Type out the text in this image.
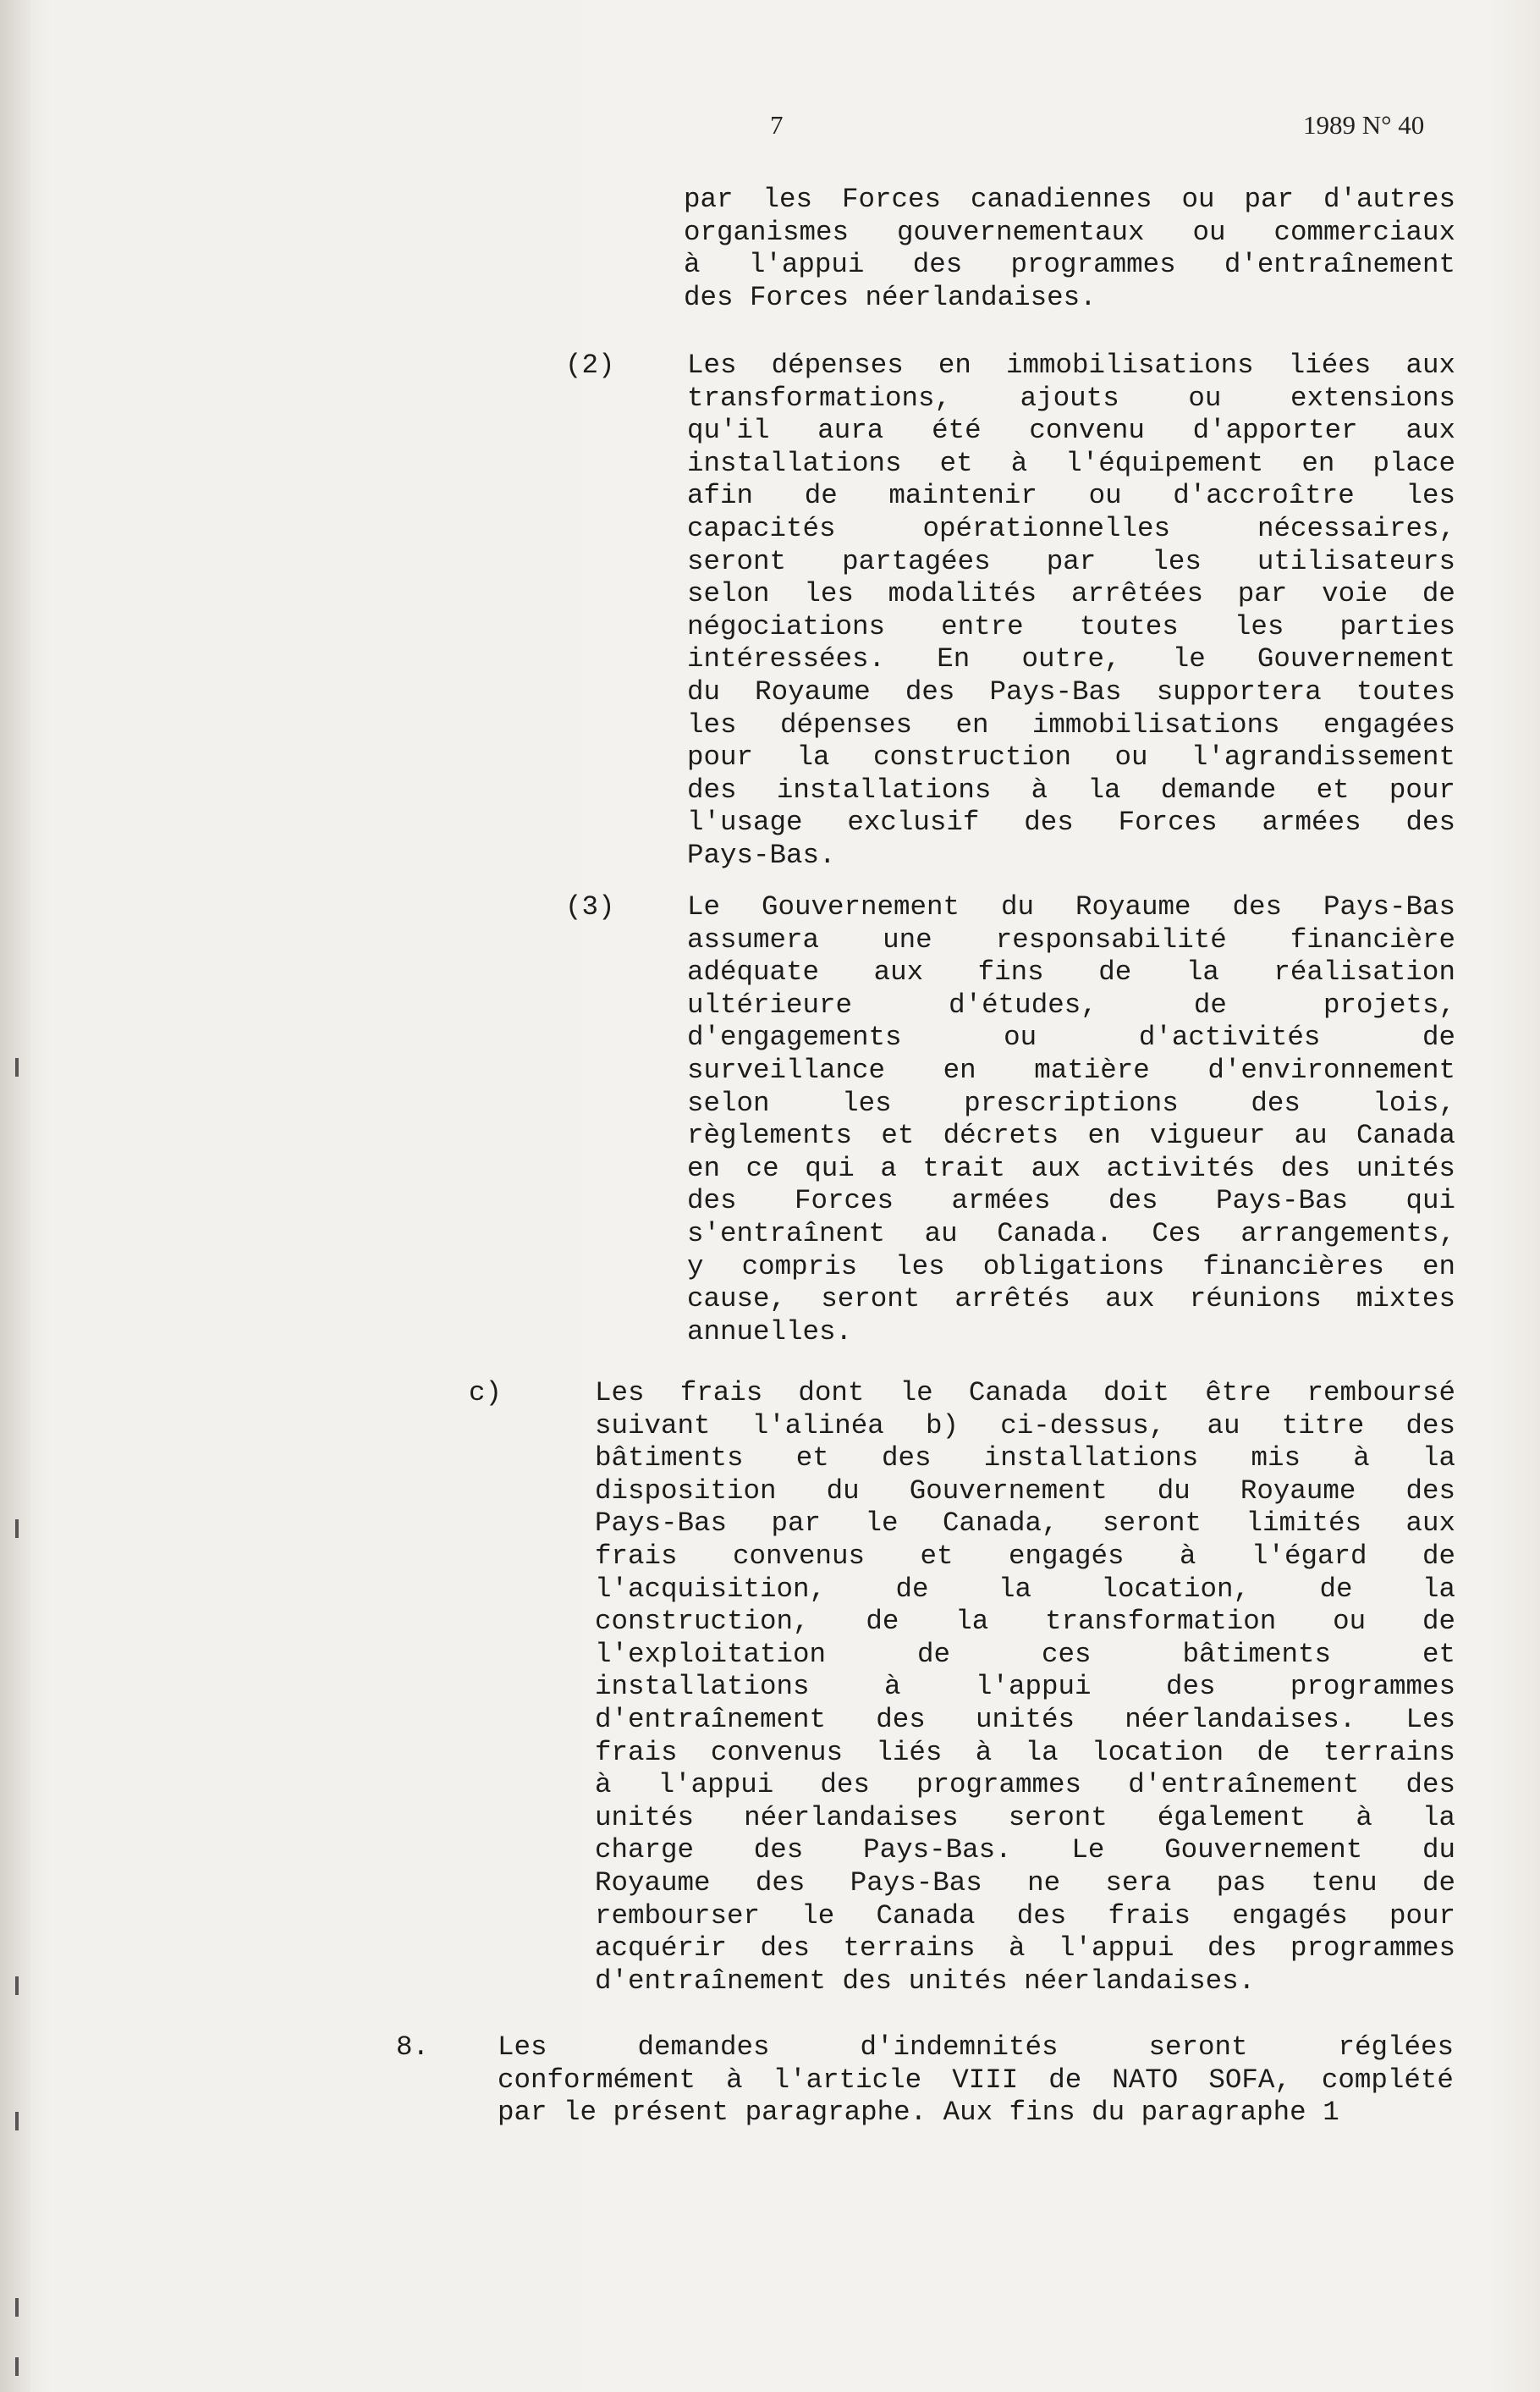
7	1989 N° 40
par les Forces canadiennes ou par d'autres
organismes gouvernementaux ou commerciaux
à l'appui des programmes d'entraînement
des Forces néerlandaises.
(2)	Les dépenses en immobilisations liées aux
transformations,	ajouts	ou	extensions
qu'il aura été convenu d'apporter aux
installations et à l'équipement en place
afin de maintenir ou d'accroître les
capacités	opérationnelles	nécessaires,
seront partagées par les utilisateurs
selon les modalités arrêtées par voie de
négociations entre toutes les parties
intéressées. En outre, le Gouvernement
du Royaume des Pays-Bas supportera toutes
les dépenses en immobilisations engagées
pour la construction ou l'agrandissement
des installations à la demande et pour
l'usage exclusif des Forces armées des
Pays-Bas.
(3)	Le Gouvernement du Royaume des Pays-Bas
assumera une responsabilité financière
adéquate aux fins de la réalisation
ultérieure	d'études,	de	projets,
d'engagements	ou	d'activités	de
surveillance en matière d'environnement
selon	les	prescriptions	des	lois,
règlements et décrets en vigueur au Canada
en ce qui a trait aux activités des unités
des Forces armées des Pays-Bas qui
s'entraînent au Canada. Ces arrangements,
y compris les obligations financières en
cause, seront arrêtés aux réunions mixtes
annuelles.
c)	Les frais dont le Canada doit être remboursé
suivant l'alinéa b) ci-dessus, au titre des
bâtiments et des installations mis à la
disposition du Gouvernement du Royaume des
Pays-Bas par le Canada, seront limités aux
frais convenus et engagés à l'égard de
l'acquisition,	de	la	location,	de	la
construction, de la transformation ou de
l'exploitation	de	ces	bâtiments	et
installations	à	l'appui	des	programmes
d'entraînement des unités néerlandaises. Les
frais convenus liés à la location de terrains
à l'appui des programmes d'entraînement des
unités néerlandaises seront également à la
charge des Pays-Bas. Le Gouvernement du
Royaume des Pays-Bas ne sera pas tenu de
rembourser le Canada des frais engagés pour
acquérir des terrains à l'appui des programmes
d'entraînement des unités néerlandaises.
8. Les	demandes	d'indemnités	seront	réglées
conformément à l'article VIII de NATO SOFA, complété
par le présent paragraphe. Aux fins du paragraphe 1
